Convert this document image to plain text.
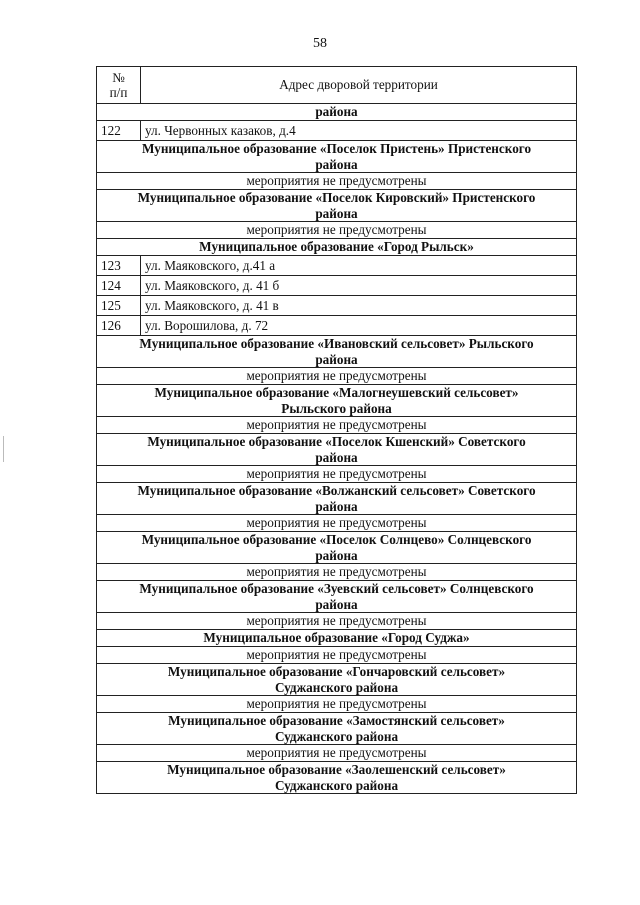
58
№
п/п	Адрес дворовой территории
района	
122	ул. Червонных казаков, д.4
Муниципальное образование «Поселок Пристень» Пристенского
района	
мероприятия не предусмотрены	
Муниципальное образование «Поселок Кировский» Пристенского
района	
мероприятия не предусмотрены	
Муниципальное образование «Город Рыльск»	
123	ул. Маяковского, д.41 а
124	ул. Маяковского, д. 41 б
125	ул. Маяковского, д. 41 в
126	ул. Ворошилова, д. 72
Муниципальное образование «Ивановский сельсовет» Рыльского
района	
мероприятия не предусмотрены	
Муниципальное образование «Малогнеушевский сельсовет»
Рыльского района	
мероприятия не предусмотрены	
Муниципальное образование «Поселок Кшенский» Советского
района	
мероприятия не предусмотрены	
Муниципальное образование «Волжанский сельсовет» Советского
района	
мероприятия не предусмотрены	
Муниципальное образование «Поселок Солнцево» Солнцевского
района	
мероприятия не предусмотрены	
Муниципальное образование «Зуевский сельсовет» Солнцевского
района	
мероприятия не предусмотрены	
Муниципальное образование «Город Суджа»	
мероприятия не предусмотрены	
Муниципальное образование «Гончаровский сельсовет»
Суджанского района	
мероприятия не предусмотрены	
Муниципальное образование «Замостянский сельсовет»
Суджанского района	
мероприятия не предусмотрены	
Муниципальное образование «Заолешенский сельсовет»
Суджанского района	
